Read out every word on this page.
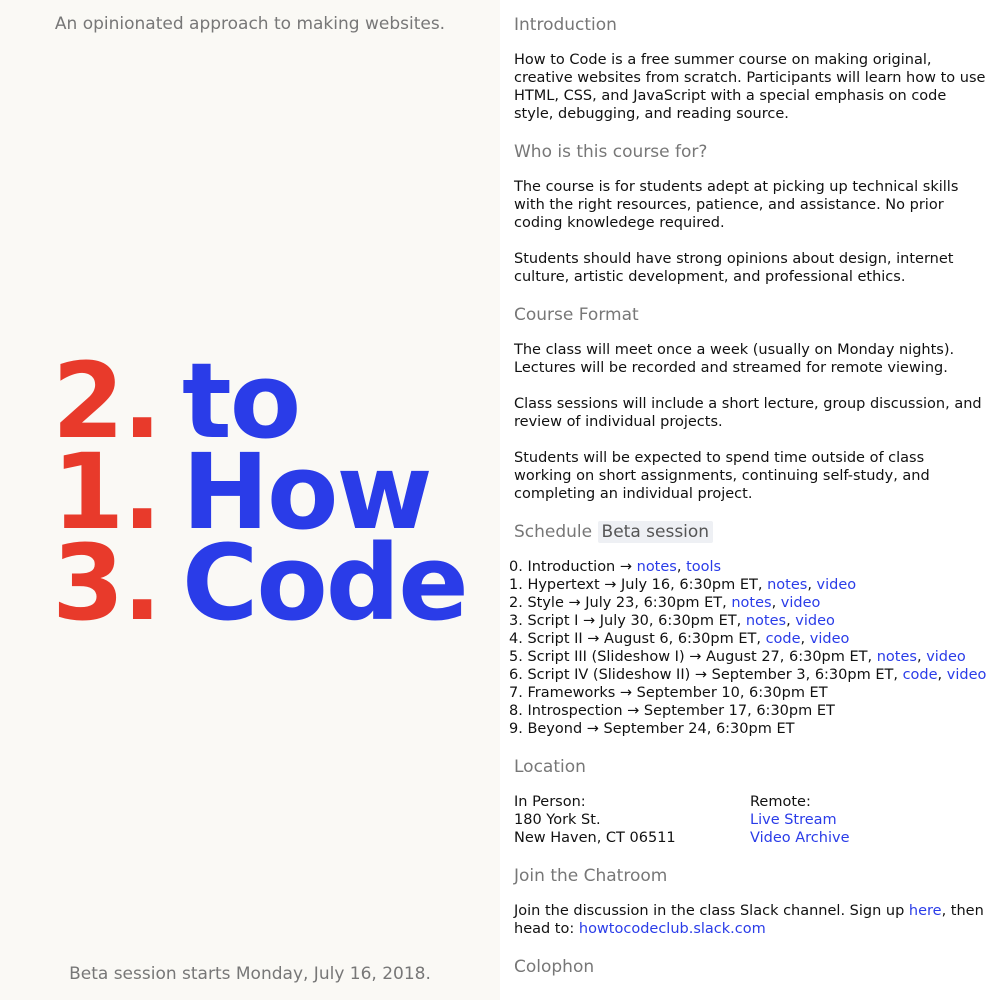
An opinionated approach to making websites.
2. to
1. How
3. Code
Beta session starts Monday, July 16, 2018.
Introduction

How to Code is a free summer course on making original, creative websites from scratch. Participants will learn how to use HTML, CSS, and JavaScript with a special emphasis on code style, debugging, and reading source.

Who is this course for?

The course is for students adept at picking up technical skills with the right resources, patience, and assistance. No prior coding knowledege required.

Students should have strong opinions about design, internet culture, artistic development, and professional ethics.

Course Format

The class will meet once a week (usually on Monday nights). Lectures will be recorded and streamed for remote viewing.

Class sessions will include a short lecture, group discussion, and review of individual projects.

Students will be expected to spend time outside of class working on short assignments, continuing self-study, and completing an individual project.

Schedule Beta session
0. Introduction → notes, tools
1. Hypertext → July 16, 6:30pm ET, notes, video
2. Style → July 23, 6:30pm ET, notes, video
3. Script I → July 30, 6:30pm ET, notes, video
4. Script II → August 6, 6:30pm ET, code, video
5. Script III (Slideshow I) → August 27, 6:30pm ET, notes, video
6. Script IV (Slideshow II) → September 3, 6:30pm ET, code, video
7. Frameworks → September 10, 6:30pm ET
8. Introspection → September 17, 6:30pm ET
9. Beyond → September 24, 6:30pm ET
Location
In Person:
180 York St.
New Haven, CT 06511
Remote:
Live Stream
Video Archive
Join the Chatroom

Join the discussion in the class Slack channel. Sign up here, then head to: howtocodeclub.slack.com

Colophon
